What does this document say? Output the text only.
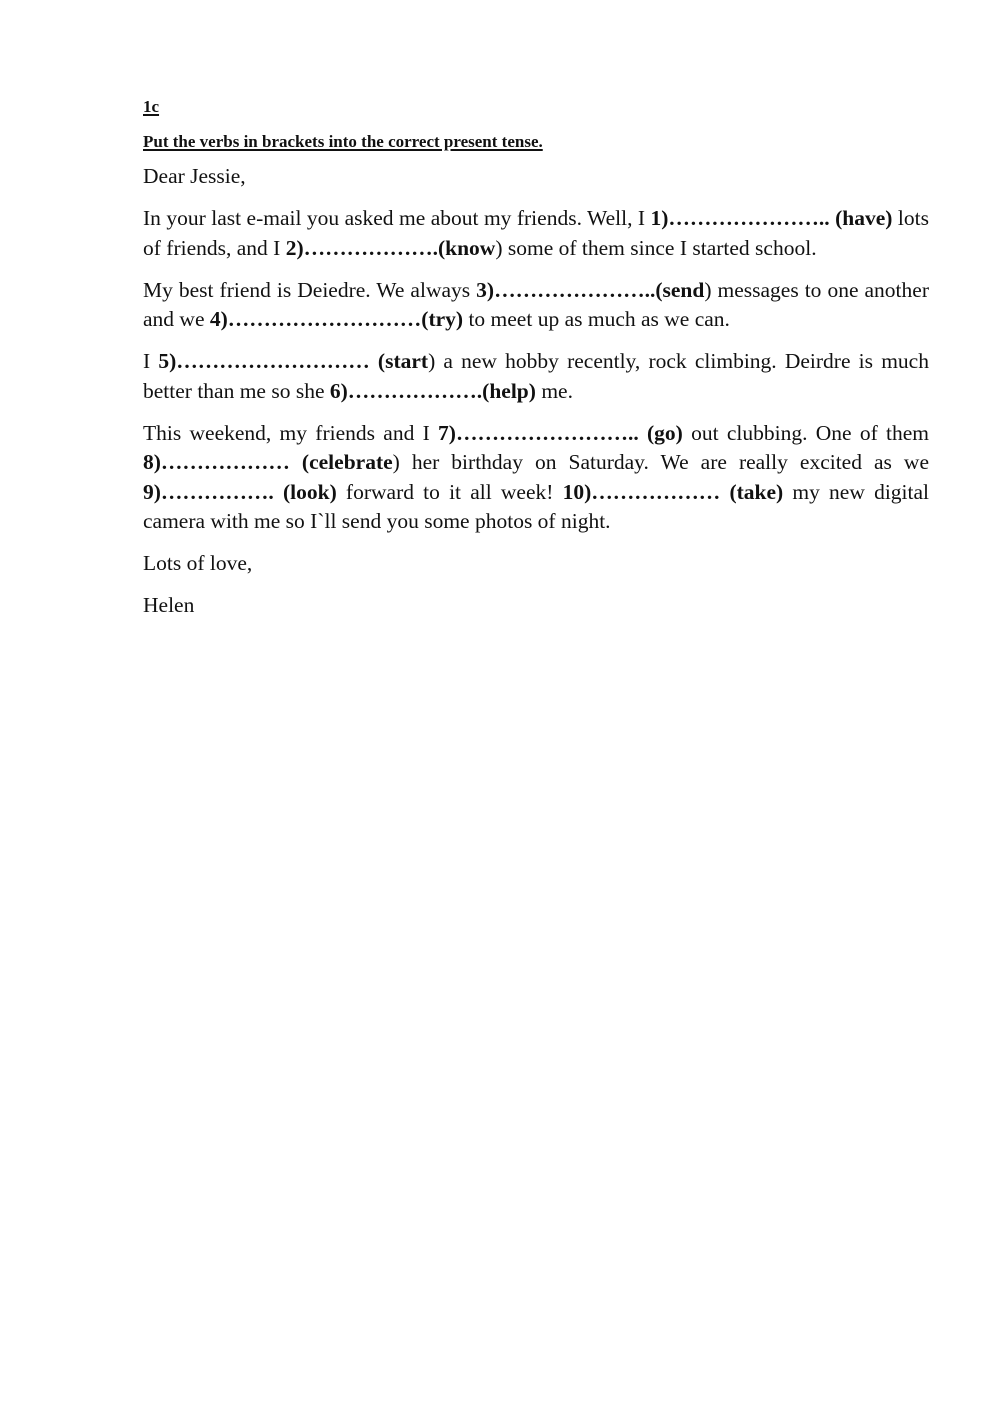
1c

Put the verbs in brackets into the correct present tense.

Dear Jessie,

In your last e-mail you asked me about my friends. Well, I 1)………………….. (have) lots of friends, and I 2)……………….(know) some of them since I started school.

My best friend is Deiedre. We always 3)…………………..(send) messages to one another and we 4)………………………(try) to meet up as much as we can.

I 5)……………………… (start) a new hobby recently, rock climbing. Deirdre is much better than me so she 6)……………….(help) me.

This weekend, my friends and I 7)…………………….. (go) out clubbing. One of them 8)……………… (celebrate) her birthday on Saturday. We are really excited as we 9)……………. (look) forward to it all week! 10)……………… (take) my new digital camera with me so I`ll send you some photos of night.

Lots of love,

Helen
